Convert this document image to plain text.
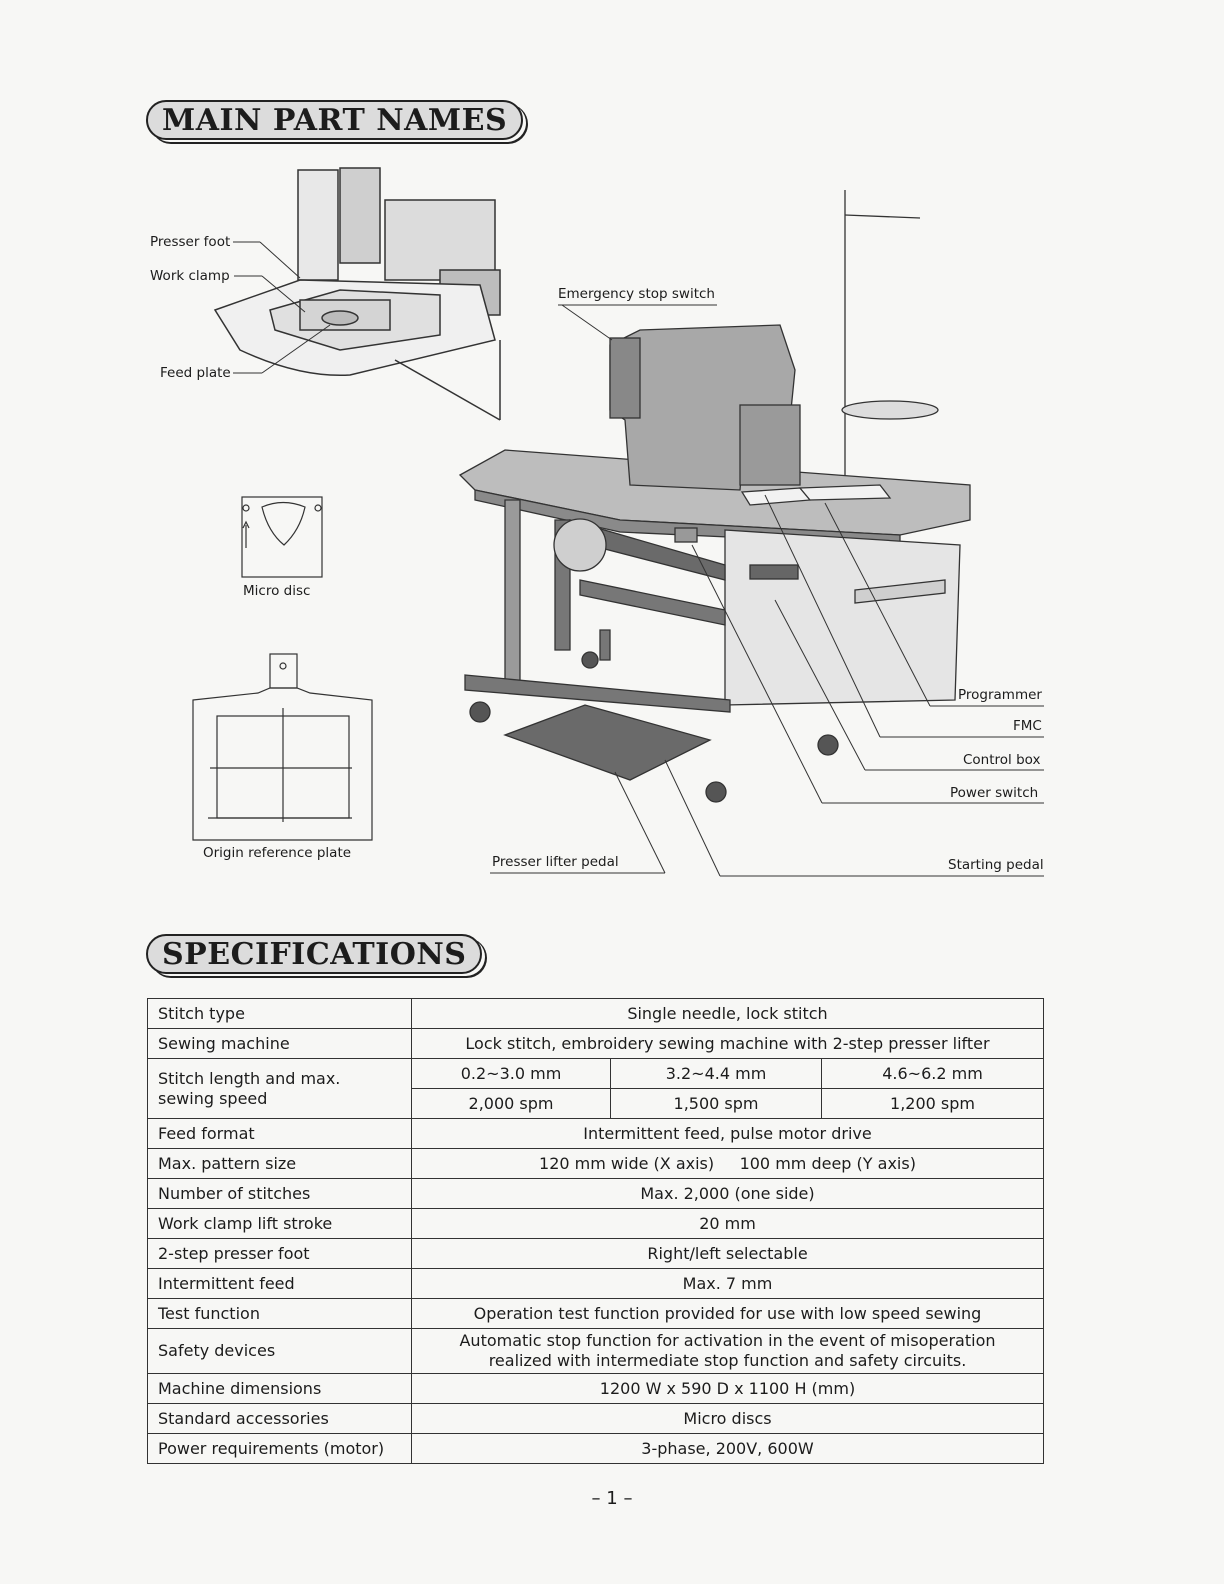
MAIN PART NAMES
Presser foot
Work clamp
Feed plate
Emergency stop switch
Micro disc
Origin reference plate
Programmer
FMC
Control box
Power switch
Presser lifter pedal	Starting pedal
SPECIFICATIONS
Stitch type	Single needle, lock stitch		
Sewing machine	Lock stitch, embroidery sewing machine with 2-step presser lifter		

Stitch length and max. sewing speed	0.2~3.0 mm	3.2~4.4 mm	4.6~6.2 mm
	2,000 spm	1,500 spm	1,200 spm
Feed format	Intermittent feed, pulse motor drive		
Max. pattern size	120 mm wide (X axis)     100 mm deep (Y axis)		
Number of stitches	Max. 2,000 (one side)		
Work clamp lift stroke	20 mm		
2-step presser foot	Right/left selectable		
Intermittent feed	Max. 7 mm		
Test function	Operation test function provided for use with low speed sewing		
Safety devices	Automatic stop function for activation in the event of misoperation realized with intermediate stop function and safety circuits.		
Machine dimensions	1200 W x 590 D x 1100 H (mm)		
Standard accessories	Micro discs		
Power requirements (motor)	3-phase, 200V, 600W		
– 1 –
